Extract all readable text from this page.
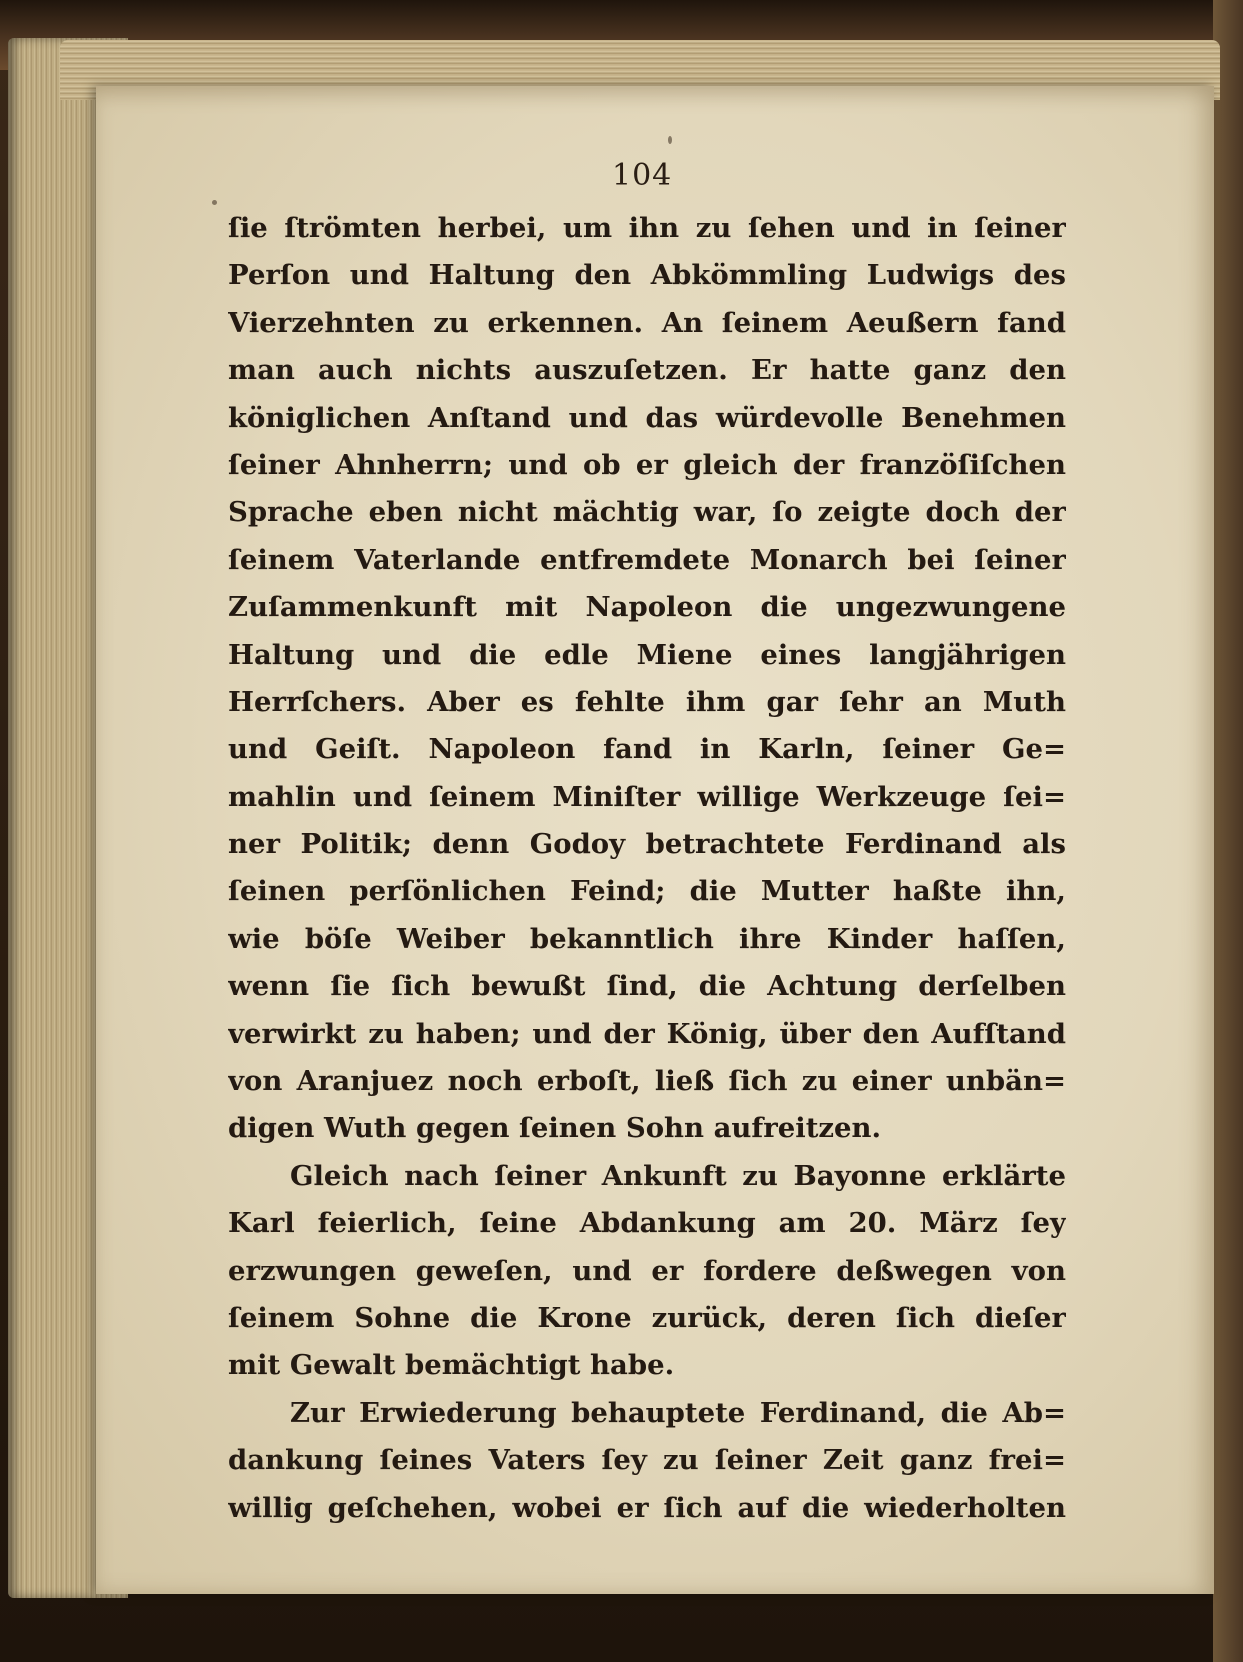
104
ſie ſtrömten herbei, um ihn zu ſehen und in ſeiner
Perſon und Haltung den Abkömmling Ludwigs des
Vierzehnten zu erkennen. An ſeinem Aeußern fand
man auch nichts auszuſetzen. Er hatte ganz den
königlichen Anſtand und das würdevolle Benehmen
ſeiner Ahnherrn; und ob er gleich der franzöſiſchen
Sprache eben nicht mächtig war, ſo zeigte doch der
ſeinem Vaterlande entfremdete Monarch bei ſeiner
Zuſammenkunft mit Napoleon die ungezwungene
Haltung und die edle Miene eines langjährigen
Herrſchers. Aber es fehlte ihm gar ſehr an Muth
und Geiſt. Napoleon fand in Karln, ſeiner Ge=
mahlin und ſeinem Miniſter willige Werkzeuge ſei=
ner Politik; denn Godoy betrachtete Ferdinand als
ſeinen perſönlichen Feind; die Mutter haßte ihn,
wie böſe Weiber bekanntlich ihre Kinder haſſen,
wenn ſie ſich bewußt ſind, die Achtung derſelben
verwirkt zu haben; und der König, über den Aufſtand
von Aranjuez noch erboſt, ließ ſich zu einer unbän=
digen Wuth gegen ſeinen Sohn aufreitzen.
Gleich nach ſeiner Ankunft zu Bayonne erklärte
Karl feierlich, ſeine Abdankung am 20. März ſey
erzwungen geweſen, und er fordere deßwegen von
ſeinem Sohne die Krone zurück, deren ſich dieſer
mit Gewalt bemächtigt habe.
Zur Erwiederung behauptete Ferdinand, die Ab=
dankung ſeines Vaters ſey zu ſeiner Zeit ganz frei=
willig geſchehen, wobei er ſich auf die wiederholten
